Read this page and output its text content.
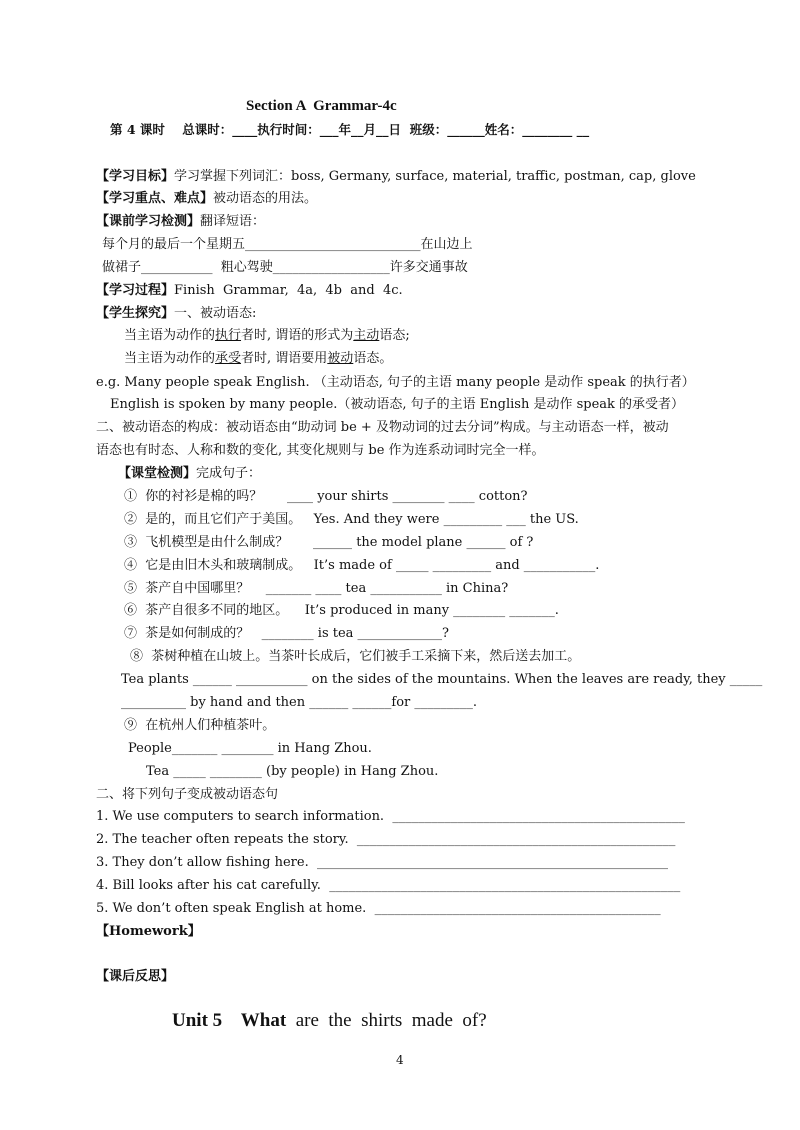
Section A  Grammar-4c
第 4 课时    总课时：____执行时间：___年__月__日  班级：______姓名：________ __
【学习目标】学习掌握下列词汇：boss, Germany, surface, material, traffic, postman, cap, glove
【学习重点、难点】被动语态的用法。
【课前学习检测】翻译短语：
每个月的最后一个星期五___________________________在山边上
做裙子___________  粗心驾驶__________________许多交通事故
【学习过程】Finish  Grammar,  4a,  4b  and  4c.
【学生探究】一、被动语态:
当主语为动作的执行者时, 谓语的形式为主动语态;
当主语为动作的承受者时, 谓语要用被动语态。
e.g. Many people speak English. （主动语态, 句子的主语 many people 是动作 speak 的执行者）
English is spoken by many people.（被动语态, 句子的主语 English 是动作 speak 的承受者）
二、被动语态的构成：被动语态由“助动词 be + 及物动词的过去分词”构成。与主动语态一样，被动
语态也有时态、人称和数的变化, 其变化规则与 be 作为连系动词时完全一样。
【课堂检测】完成句子：
①  你的衬衫是棉的吗？      ____ your shirts ________ ____ cotton?
②  是的，而且它们产于美国。   Yes. And they were _________ ___ the US.
③  飞机模型是由什么制成？      ______ the model plane ______ of ?
④  它是由旧木头和玻璃制成。   It’s made of _____ _________ and ___________.
⑤  茶产自中国哪里？    _______ ____ tea ___________ in China?
⑥  茶产自很多不同的地区。    It’s produced in many ________ _______.
⑦  茶是如何制成的？   ________ is tea _____________?
⑧  茶树种植在山坡上。当茶叶长成后，它们被手工采摘下来，然后送去加工。
Tea plants ______ ___________ on the sides of the mountains. When the leaves are ready, they _____
__________ by hand and then ______ ______for _________.
⑨  在杭州人们种植茶叶。
People_______ ________ in Hang Zhou.
Tea _____ ________ (by people) in Hang Zhou.
二、将下列句子变成被动语态句
1. We use computers to search information.  _____________________________________________
2. The teacher often repeats the story.  _________________________________________________
3. They don’t allow fishing here.  ______________________________________________________
4. Bill looks after his cat carefully.  ______________________________________________________
5. We don’t often speak English at home.  ____________________________________________
【Homework】
【课后反思】
Unit 5    What  are  the  shirts  made  of?
4
